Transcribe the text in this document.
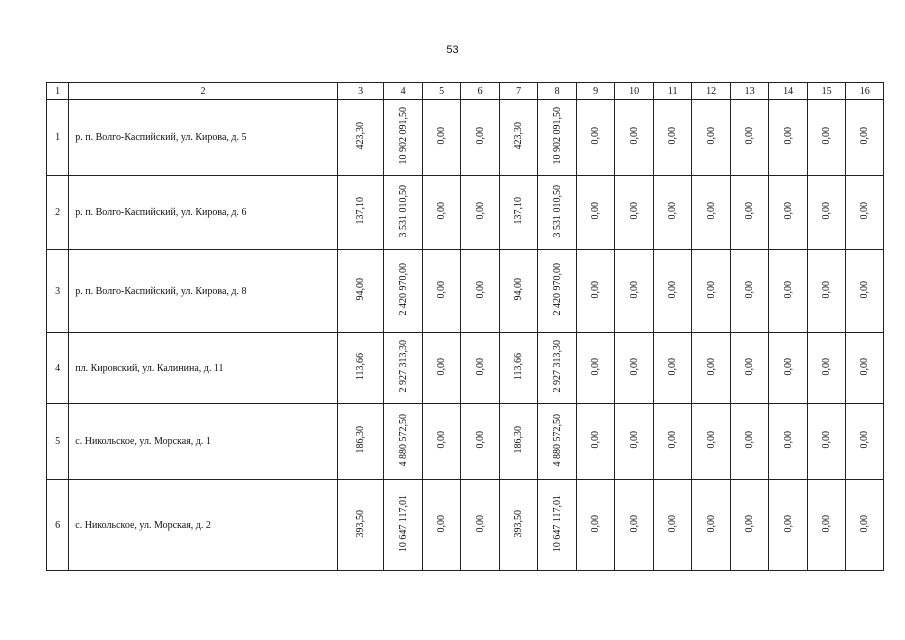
53
1	2	3	4	5	6	7	8	9	10	11	12	13	14	15	16
1	р. п. Волго-Каспийский, ул. Кирова, д. 5	423,30	10 902 091,50	0,00	0,00	423,30	10 902 091,50	0,00	0,00	0,00	0,00	0,00	0,00	0,00	0,00
2	р. п. Волго-Каспийский, ул. Кирова, д. 6	137,10	3 531 010,50	0,00	0,00	137,10	3 531 010,50	0,00	0,00	0,00	0,00	0,00	0,00	0,00	0,00
3	р. п. Волго-Каспийский, ул. Кирова, д. 8	94,00	2 420 970,00	0,00	0,00	94,00	2 420 970,00	0,00	0,00	0,00	0,00	0,00	0,00	0,00	0,00
4	пл. Кировский, ул. Калинина, д. 11	113,66	2 927 313,30	0,00	0,00	113,66	2 927 313,30	0,00	0,00	0,00	0,00	0,00	0,00	0,00	0,00
5	с. Никольское, ул. Морская, д. 1	186,30	4 880 572,50	0,00	0,00	186,30	4 880 572,50	0,00	0,00	0,00	0,00	0,00	0,00	0,00	0,00
6	с. Никольское, ул. Морская, д. 2	393,50	10 647 117,01	0,00	0,00	393,50	10 647 117,01	0,00	0,00	0,00	0,00	0,00	0,00	0,00	0,00
